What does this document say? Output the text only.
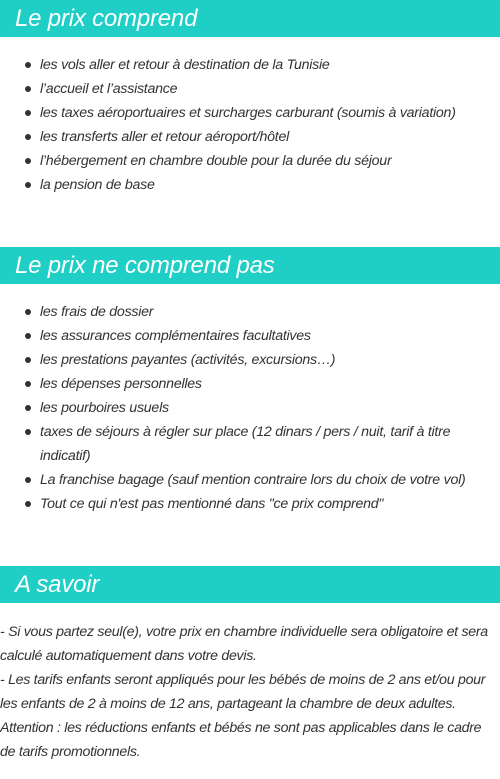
Le prix comprend
les vols aller et retour à destination de la Tunisie
l’accueil et l’assistance
les taxes aéroportuaires et surcharges carburant (soumis à variation)
les transferts aller et retour aéroport/hôtel
l’hébergement en chambre double pour la durée du séjour
la pension de base
Le prix ne comprend pas
les frais de dossier
les assurances complémentaires facultatives
les prestations payantes (activités, excursions…)
les dépenses personnelles
les pourboires usuels
taxes de séjours à régler sur place (12 dinars / pers / nuit, tarif à titre indicatif)
La franchise bagage (sauf mention contraire lors du choix de votre vol)
Tout ce qui n'est pas mentionné dans "ce prix comprend"
A savoir

- Si vous partez seul(e), votre prix en chambre individuelle sera obligatoire et sera calculé automatiquement dans votre devis.

- Les tarifs enfants seront appliqués pour les bébés de moins de 2 ans et/ou pour les enfants de 2 à moins de 12 ans, partageant la chambre de deux adultes.

Attention : les réductions enfants et bébés ne sont pas applicables dans le cadre de tarifs promotionnels.
